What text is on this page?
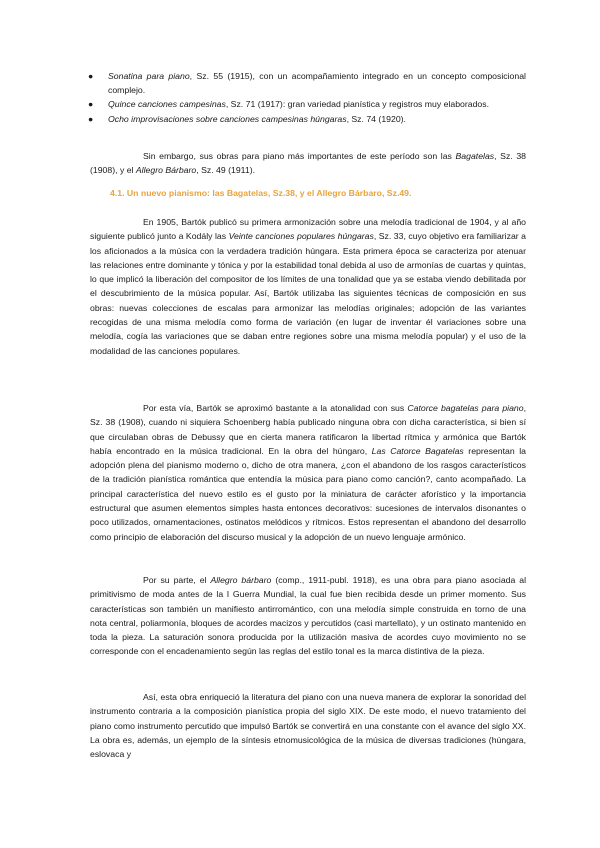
● Sonatina para piano, Sz. 55 (1915), con un acompañamiento integrado en un concepto composicional complejo.
● Quince canciones campesinas, Sz. 71 (1917): gran variedad pianística y registros muy elaborados.
● Ocho improvisaciones sobre canciones campesinas húngaras, Sz. 74 (1920).

Sin embargo, sus obras para piano más importantes de este período son las Bagatelas, Sz. 38 (1908), y el Allegro Bárbaro, Sz. 49 (1911).

4.1. Un nuevo pianismo: las Bagatelas, Sz.38, y el Allegro Bárbaro, Sz.49.

En 1905, Bartók publicó su primera armonización sobre una melodía tradicional de 1904, y al año siguiente publicó junto a Kodály las Veinte canciones populares húngaras, Sz. 33, cuyo objetivo era familiarizar a los aficionados a la música con la verdadera tradición húngara. Esta primera época se caracteriza por atenuar las relaciones entre dominante y tónica y por la estabilidad tonal debida al uso de armonías de cuartas y quintas, lo que implicó la liberación del compositor de los límites de una tonalidad que ya se estaba viendo debilitada por el descubrimiento de la música popular. Así, Bartók utilizaba las siguientes técnicas de composición en sus obras: nuevas colecciones de escalas para armonizar las melodías originales; adopción de las variantes recogidas de una misma melodía como forma de variación (en lugar de inventar él variaciones sobre una melodía, cogía las variaciones que se daban entre regiones sobre una misma melodía popular) y el uso de la modalidad de las canciones populares.

Por esta vía, Bartók se aproximó bastante a la atonalidad con sus Catorce bagatelas para piano, Sz. 38 (1908), cuando ni siquiera Schoenberg había publicado ninguna obra con dicha característica, si bien sí que circulaban obras de Debussy que en cierta manera ratificaron la libertad rítmica y armónica que Bartók había encontrado en la música tradicional. En la obra del húngaro, Las Catorce Bagatelas representan la adopción plena del pianismo moderno o, dicho de otra manera, ¿con el abandono de los rasgos característicos de la tradición pianística romántica que entendía la música para piano como canción?, canto acompañado. La principal característica del nuevo estilo es el gusto por la miniatura de carácter aforístico y la importancia estructural que asumen elementos simples hasta entonces decorativos: sucesiones de intervalos disonantes o poco utilizados, ornamentaciones, ostinatos melódicos y rítmicos. Estos representan el abandono del desarrollo como principio de elaboración del discurso musical y la adopción de un nuevo lenguaje armónico.

Por su parte, el Allegro bárbaro (comp., 1911-publ. 1918), es una obra para piano asociada al primitivismo de moda antes de la I Guerra Mundial, la cual fue bien recibida desde un primer momento. Sus características son también un manifiesto antirromántico, con una melodía simple construida en torno de una nota central, poliarmonía, bloques de acordes macizos y percutidos (casi martellato), y un ostinato mantenido en toda la pieza. La saturación sonora producida por la utilización masiva de acordes cuyo movimiento no se corresponde con el encadenamiento según las reglas del estilo tonal es la marca distintiva de la pieza.

Así, esta obra enriqueció la literatura del piano con una nueva manera de explorar la sonoridad del instrumento contraria a la composición pianística propia del siglo XIX. De este modo, el nuevo tratamiento del piano como instrumento percutido que impulsó Bartók se convertirá en una constante con el avance del siglo XX. La obra es, además, un ejemplo de la síntesis etnomusicológica de la música de diversas tradiciones (húngara, eslovaca y
